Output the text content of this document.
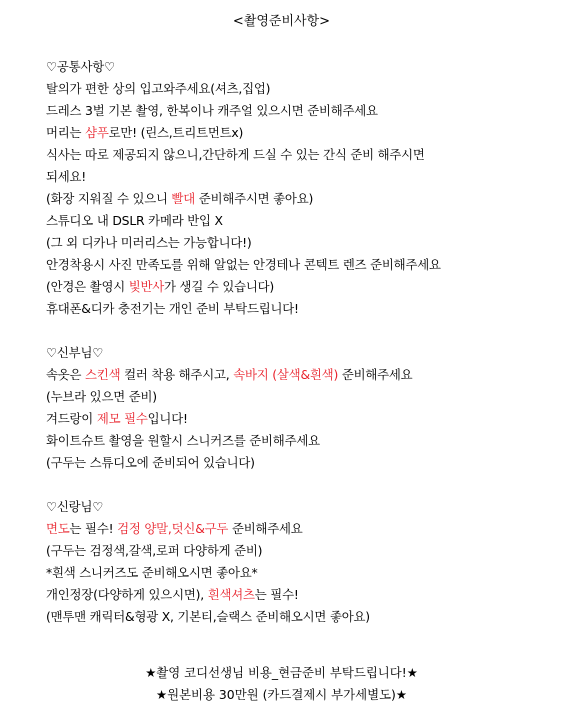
<촬영준비사항>
♡공통사항♡
탈의가 편한 상의 입고와주세요(셔츠,집업)
드레스 3벌 기본 촬영, 한복이나 캐주얼 있으시면 준비해주세요
머리는 샴푸로만! (린스,트리트먼트x)
식사는 따로 제공되지 않으니,간단하게 드실 수 있는 간식 준비 해주시면
되세요!
(화장 지워질 수 있으니 빨대 준비해주시면 좋아요)
스튜디오 내 DSLR 카메라 반입 X
(그 외 디카나 미러리스는 가능합니다!)
안경착용시 사진 만족도를 위해 알없는 안경테나 콘텍트 렌즈 준비해주세요
(안경은 촬영시 빛반사가 생길 수 있습니다)
휴대폰&디카 충전기는 개인 준비 부탁드립니다!
♡신부님♡
속옷은 스킨색 컬러 착용 해주시고, 속바지 (살색&흰색) 준비해주세요
(누브라 있으면 준비)
겨드랑이 제모 필수입니다!
화이트슈트 촬영을 원할시 스니커즈를 준비해주세요
(구두는 스튜디오에 준비되어 있습니다)
♡신랑님♡
면도는 필수! 검정 양말,덧신&구두 준비해주세요
(구두는 검정색,갈색,로퍼 다양하게 준비)
*흰색 스니커즈도 준비해오시면 좋아요*
개인정장(다양하게 있으시면), 흰색셔츠는 필수!
(맨투맨 캐릭터&형광 X, 기본티,슬랙스 준비해오시면 좋아요)
★촬영 코디선생님 비용_현금준비 부탁드립니다!★
★원본비용 30만원 (카드결제시 부가세별도)★
